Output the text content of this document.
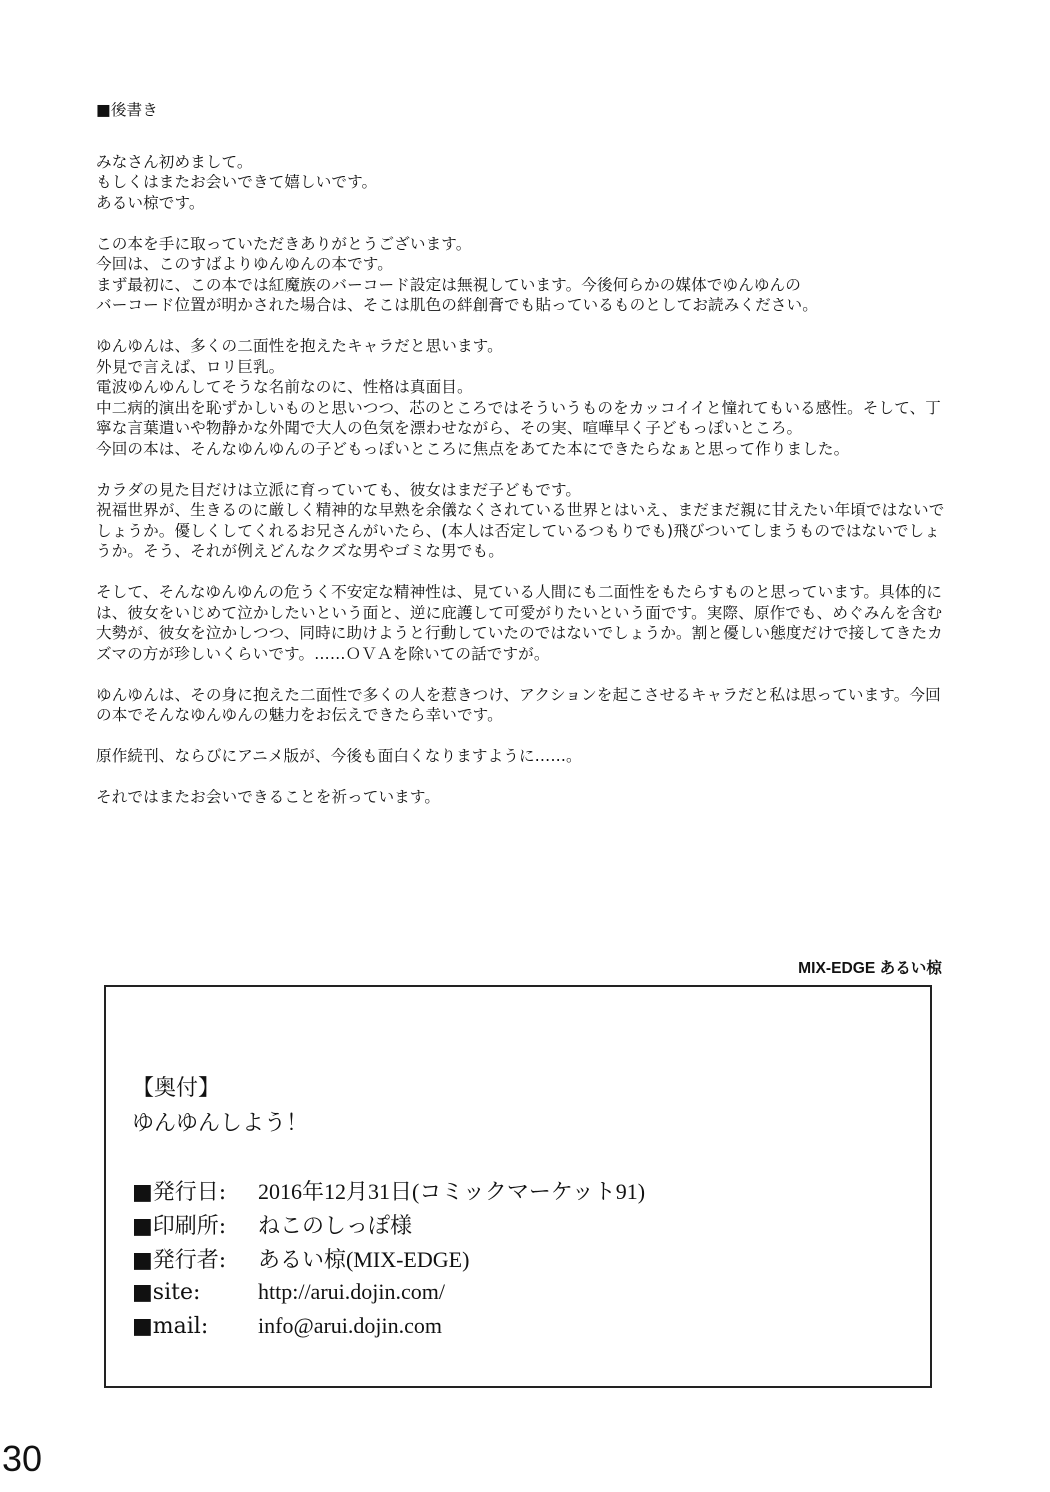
■後書き

みなさん初めまして。
もしくはまたお会いできて嬉しいです。
あるい椋です。

この本を手に取っていただきありがとうございます。
今回は、このすばよりゆんゆんの本です。
まず最初に、この本では紅魔族のバーコード設定は無視しています。今後何らかの媒体でゆんゆんの
バーコード位置が明かされた場合は、そこは肌色の絆創膏でも貼っているものとしてお読みください。

ゆんゆんは、多くの二面性を抱えたキャラだと思います。
外見で言えば、ロリ巨乳。
電波ゆんゆんしてそうな名前なのに、性格は真面目。
中二病的演出を恥ずかしいものと思いつつ、芯のところではそういうものをカッコイイと憧れてもいる感性。そして、丁寧な言葉遣いや物静かな外聞で大人の色気を漂わせながら、その実、喧嘩早く子どもっぽいところ。
今回の本は、そんなゆんゆんの子どもっぽいところに焦点をあてた本にできたらなぁと思って作りました。

カラダの見た目だけは立派に育っていても、彼女はまだ子どもです。
祝福世界が、生きるのに厳しく精神的な早熟を余儀なくされている世界とはいえ、まだまだ親に甘えたい年頃ではないでしょうか。優しくしてくれるお兄さんがいたら、(本人は否定しているつもりでも)飛びついてしまうものではないでしょうか。そう、それが例えどんなクズな男やゴミな男でも。

そして、そんなゆんゆんの危うく不安定な精神性は、見ている人間にも二面性をもたらすものと思っています。具体的には、彼女をいじめて泣かしたいという面と、逆に庇護して可愛がりたいという面です。実際、原作でも、めぐみんを含む大勢が、彼女を泣かしつつ、同時に助けようと行動していたのではないでしょうか。割と優しい態度だけで接してきたカズマの方が珍しいくらいです。……ＯＶＡを除いての話ですが。

ゆんゆんは、その身に抱えた二面性で多くの人を惹きつけ、アクションを起こさせるキャラだと私は思っています。今回の本でそんなゆんゆんの魅力をお伝えできたら幸いです。

原作続刊、ならびにアニメ版が、今後も面白くなりますように……。

それではまたお会いできることを祈っています。

MIX-EDGE あるい椋
【奥付】
ゆんゆんしよう！
■発行日:	2016年12月31日(コミックマーケット91)
■印刷所:	ねこのしっぽ様
■発行者:	あるい椋(MIX-EDGE)
■site:	http://arui.dojin.com/
■mail:	info@arui.dojin.com
30
